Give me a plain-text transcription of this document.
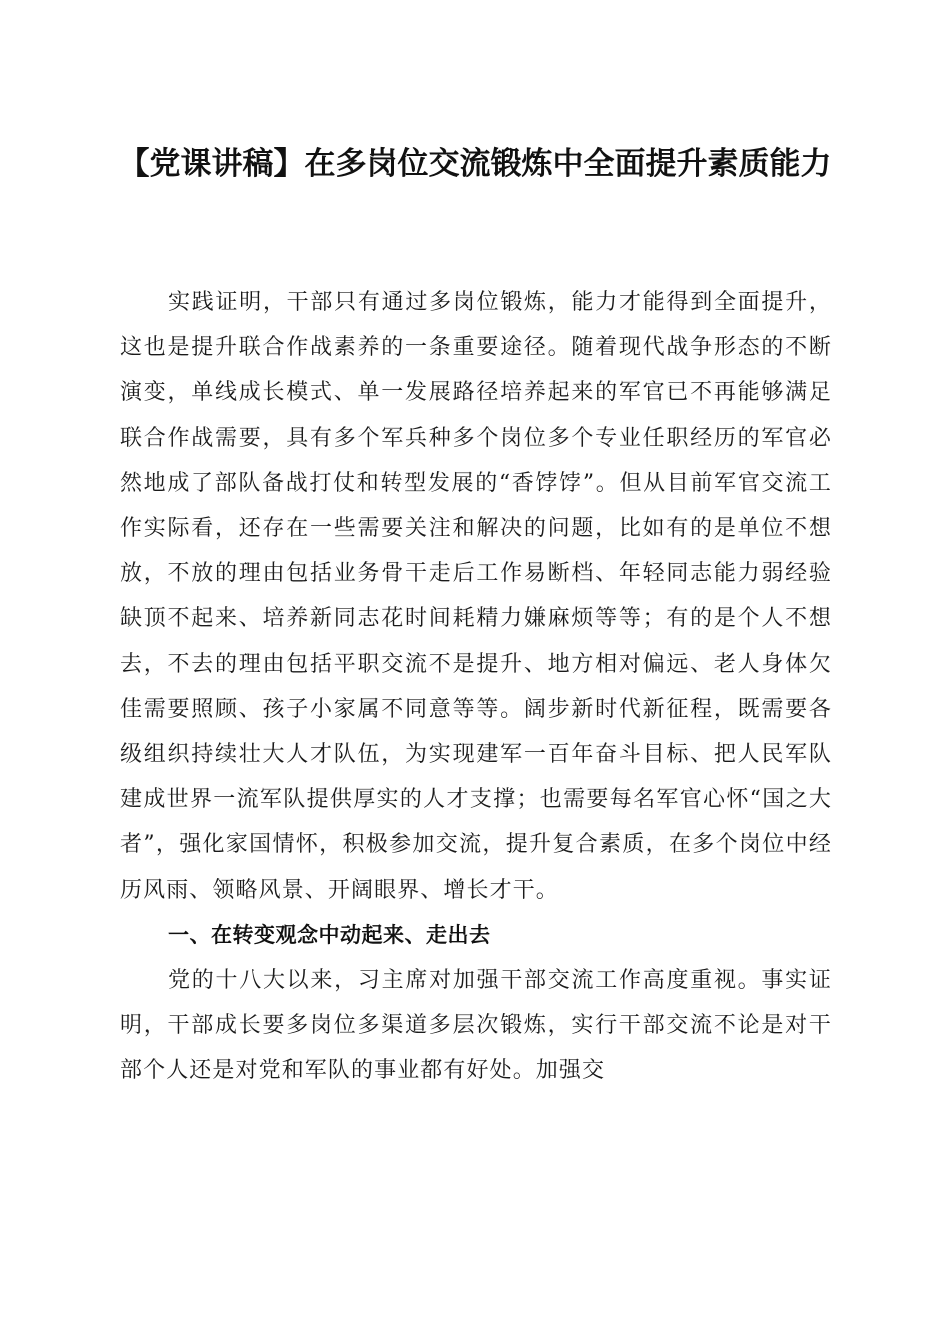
【党课讲稿】在多岗位交流锻炼中全面提升素质能力

实践证明，干部只有通过多岗位锻炼，能力才能得到全面提升，这也是提升联合作战素养的一条重要途径。随着现代战争形态的不断演变，单线成长模式、单一发展路径培养起来的军官已不再能够满足联合作战需要，具有多个军兵种多个岗位多个专业任职经历的军官必然地成了部队备战打仗和转型发展的“香饽饽”。但从目前军官交流工作实际看，还存在一些需要关注和解决的问题，比如有的是单位不想放，不放的理由包括业务骨干走后工作易断档、年轻同志能力弱经验缺顶不起来、培养新同志花时间耗精力嫌麻烦等等；有的是个人不想去，不去的理由包括平职交流不是提升、地方相对偏远、老人身体欠佳需要照顾、孩子小家属不同意等等。阔步新时代新征程，既需要各级组织持续壮大人才队伍，为实现建军一百年奋斗目标、把人民军队建成世界一流军队提供厚实的人才支撑；也需要每名军官心怀“国之大者”，强化家国情怀，积极参加交流，提升复合素质，在多个岗位中经历风雨、领略风景、开阔眼界、增长才干。

一、在转变观念中动起来、走出去

党的十八大以来，习主席对加强干部交流工作高度重视。事实证明，干部成长要多岗位多渠道多层次锻炼，实行干部交流不论是对干部个人还是对党和军队的事业都有好处。加强交
